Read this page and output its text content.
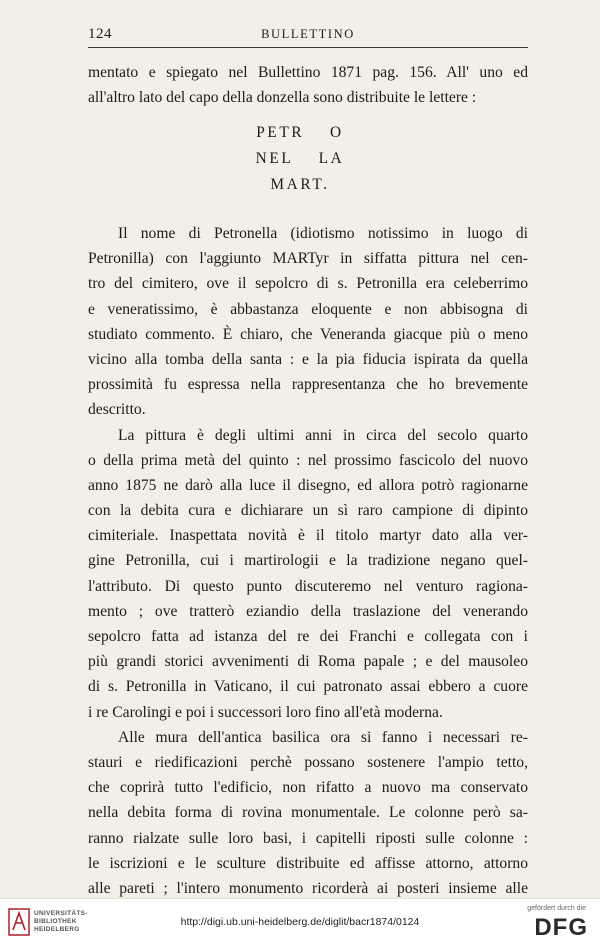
124	BULLETTINO
mentato e spiegato nel Bullettino 1871 pag. 156. All' uno ed
all'altro lato del capo della donzella sono distribuite le lettere :
PETR    O
NEL    LA
MART.
Il nome di Petronella (idiotismo notissimo in luogo di
Petronilla) con l'aggiunto MARTyr in siffatta pittura nel cen-
tro del cimitero, ove il sepolcro di s. Petronilla era celeberrimo
e veneratissimo, è abbastanza eloquente e non abbisogna di
studiato commento. È chiaro, che Veneranda giacque più o meno
vicino alla tomba della santa : e la pia fiducia ispirata da quella
prossimità fu espressa nella rappresentanza che ho brevemente
descritto.
La pittura è degli ultimi anni in circa del secolo quarto
o della prima metà del quinto : nel prossimo fascicolo del nuovo
anno 1875 ne darò alla luce il disegno, ed allora potrò ragionarne
con la debita cura e dichiarare un sì raro campione di dipinto
cimiteriale. Inaspettata novità è il titolo martyr dato alla ver-
gine Petronilla, cui i martirologii e la tradizione negano quel-
l'attributo. Di questo punto discuteremo nel venturo ragiona-
mento ; ove tratterò eziandio della traslazione del venerando
sepolcro fatta ad istanza del re dei Franchi e collegata con i
più grandi storici avvenimenti di Roma papale ; e del mausoleo
di s. Petronilla in Vaticano, il cui patronato assai ebbero a cuore
i re Carolingi e poi i successori loro fino all'età moderna.
Alle mura dell'antica basilica ora si fanno i necessari re-
stauri e riedificazioni perchè possano sostenere l'ampio tetto,
che coprirà tutto l'edificio, non rifatto a nuovo ma conservato
nella debita forma di rovina monumentale. Le colonne però sa-
ranno rialzate sulle loro basi, i capitelli riposti sulle colonne :
le iscrizioni e le sculture distribuite ed affisse attorno, attorno
alle pareti ; l'intero monumento ricorderà ai posteri insieme alle
UNIVERSITÄTS-
BIBLIOTHEK
HEIDELBERG
http://digi.ub.uni-heidelberg.de/diglit/bacr1874/0124
gefördert durch die
DFG
